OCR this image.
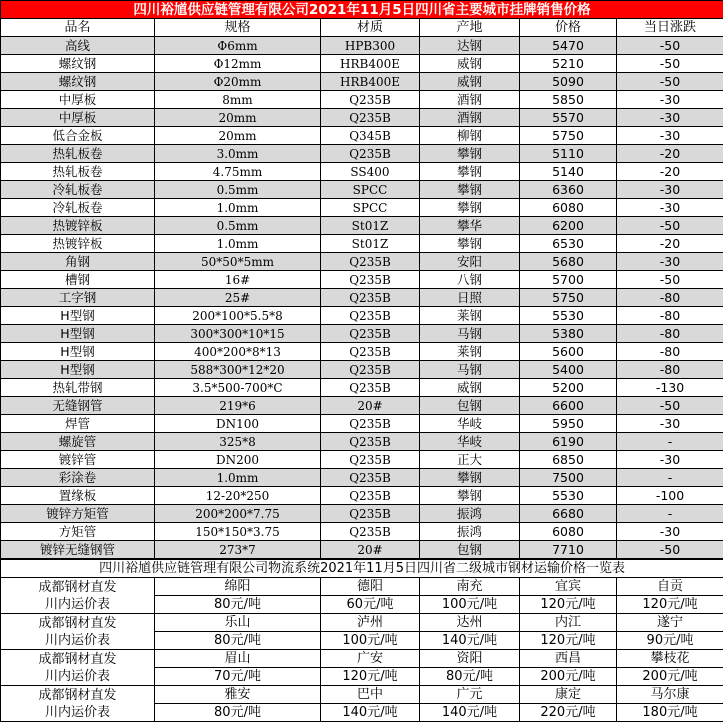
四川裕馗供应链管理有限公司2021年11月5日四川省主要城市挂牌销售价格					
品名	规格	材质	产地	价格	当日涨跌
高线	Φ6mm	HPB300	达钢	5470	-50
螺纹钢	Φ12mm	HRB400E	威钢	5210	-50
螺纹钢	Φ20mm	HRB400E	威钢	5090	-50
中厚板	8mm	Q235B	酒钢	5850	-30
中厚板	20mm	Q235B	酒钢	5570	-30
低合金板	20mm	Q345B	柳钢	5750	-30
热轧板卷	3.0mm	Q235B	攀钢	5110	-20
热轧板卷	4.75mm	SS400	攀钢	5140	-20
冷轧板卷	0.5mm	SPCC	攀钢	6360	-30
冷轧板卷	1.0mm	SPCC	攀钢	6080	-30
热镀锌板	0.5mm	St01Z	攀华	6200	-50
热镀锌板	1.0mm	St01Z	攀钢	6530	-20
角钢	50*50*5mm	Q235B	安阳	5680	-30
槽钢	16#	Q235B	八钢	5700	-50
工字钢	25#	Q235B	日照	5750	-80
H型钢	200*100*5.5*8	Q235B	莱钢	5530	-80
H型钢	300*300*10*15	Q235B	马钢	5380	-80
H型钢	400*200*8*13	Q235B	莱钢	5600	-80
H型钢	588*300*12*20	Q235B	马钢	5400	-80
热轧带钢	3.5*500-700*C	Q235B	威钢	5200	-130
无缝钢管	219*6	20#	包钢	6600	-50
焊管	DN100	Q235B	华岐	5950	-30
螺旋管	325*8	Q235B	华岐	6190	-
镀锌管	DN200	Q235B	正大	6850	-30
彩涂卷	1.0mm	Q235B	攀钢	7500	-
置缘板	12-20*250	Q235B	攀钢	5530	-100
镀锌方矩管	200*200*7.75	Q235B	振鸿	6680	-
方矩管	150*150*3.75	Q235B	振鸿	6080	-30
镀锌无缝钢管	273*7	20#	包钢	7710	-50
四川裕馗供应链管理有限公司物流系统2021年11月5日四川省二级城市钢材运输价格一览表					

成都钢材直发
川内运价表	绵阳	德阳	南充	宜宾	自贡
	80元/吨	60元/吨	100元/吨	120元/吨	120元/吨

成都钢材直发
川内运价表	乐山	泸州	达州	内江	遂宁
	80元/吨	100元/吨	140元/吨	120元/吨	90元/吨

成都钢材直发
川内运价表	眉山	广安	资阳	西昌	攀枝花
	70元/吨	120元/吨	80元/吨	200元/吨	200元/吨

成都钢材直发
川内运价表	雅安	巴中	广元	康定	马尔康
	80元/吨	140元/吨	140元/吨	220元/吨	180元/吨
